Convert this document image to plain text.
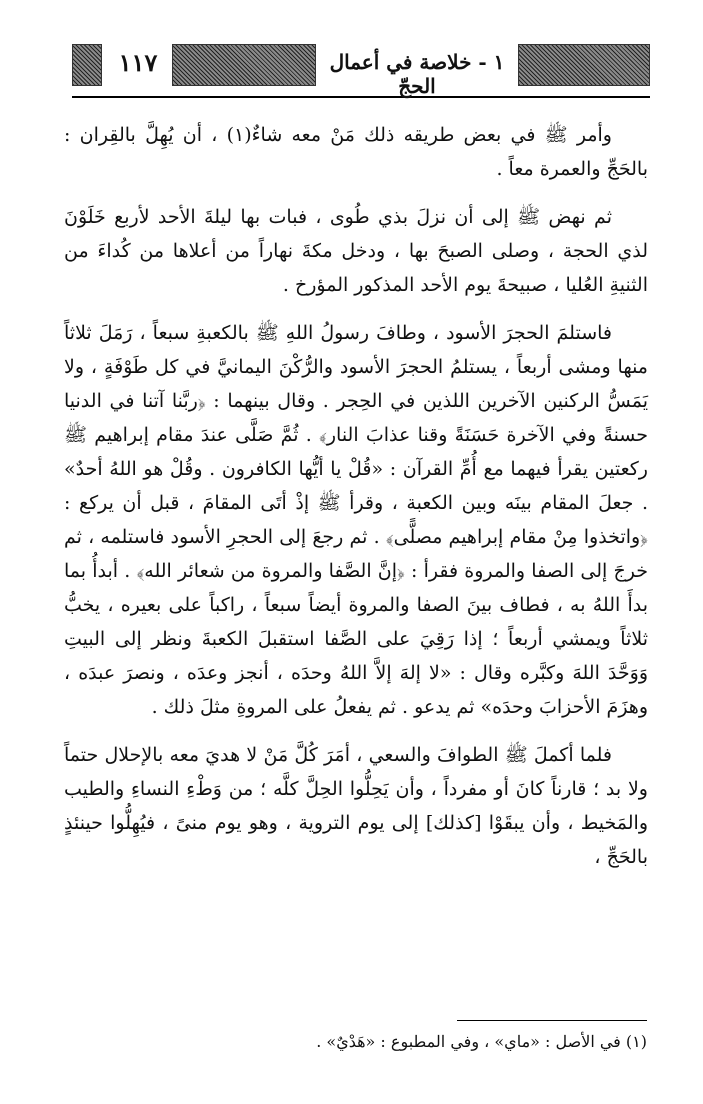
١١٧	١ - خلاصة في أعمال الحجّ

وأمر ﷺ في بعض طريقه ذلك مَنْ معه شاءٌ(١) ، أن يُهِلَّ بالقِران : بالحَجِّ والعمرة معاً .

ثم نهض ﷺ إلى أن نزلَ بذي طُوى ، فبات بها ليلةَ الأحد لأربع خَلَوْنَ لذي الحجة ، وصلى الصبحَ بها ، ودخل مكةَ نهاراً من أعلاها من كُداءَ من الثنيةِ العُليا ، صبيحةَ يوم الأحد المذكور المؤرخ .

فاستلمَ الحجرَ الأسود ، وطافَ رسولُ اللهِ ﷺ بالكعبةِ سبعاً ، رَمَلَ ثلاثاً منها ومشى أربعاً ، يستلمُ الحجرَ الأسود والرُّكْنَ اليمانيَّ في كل طَوْفَةٍ ، ولا يَمَسُّ الركنين الآخرين اللذين في الحِجر . وقال بينهما : ﴿ربَّنا آتنا في الدنيا حسنةً وفي الآخرة حَسَنَةً وقنا عذابَ النار﴾ . ثُمَّ صَلَّى عندَ مقام إبراهيم ﷺ ركعتين يقرأ فيهما مع أُمِّ القرآن : «قُلْ يا أيُّها الكافرون . وقُلْ هو اللهُ أحدٌ» . جعلَ المقام بينَه وبين الكعبة ، وقرأ ﷺ إذْ أتَى المقامَ ، قبل أن يركع : ﴿واتخذوا مِنْ مقام إبراهيم مصلًّى﴾ . ثم رجعَ إلى الحجرِ الأسود فاستلمه ، ثم خرجَ إلى الصفا والمروة فقرأ : ﴿إنَّ الصَّفا والمروة من شعائر الله﴾ . أبدأُ بما بدأَ اللهُ به ، فطاف بينَ الصفا والمروة أيضاً سبعاً ، راكباً على بعيره ، يخبُّ ثلاثاً ويمشي أربعاً ؛ إذا رَقِيَ على الصَّفا استقبلَ الكعبةَ ونظر إلى البيتِ وَوَحَّدَ اللهَ وكبَّره وقال : «لا إلهَ إلاَّ اللهُ وحدَه ، أنجز وعدَه ، ونصرَ عبدَه ، وهزَمَ الأحزابَ وحدَه» ثم يدعو . ثم يفعلُ على المروةِ مثلَ ذلك .

فلما أكملَ ﷺ الطوافَ والسعي ، أمَرَ كُلَّ مَنْ لا هديَ معه بالإحلال حتماً ولا بد ؛ قارناً كانَ أو مفرداً ، وأن يَحِلُّوا الحِلَّ كلَّه ؛ من وَطْءِ النساءِ والطيب والمَخيط ، وأن يبقَوْا [كذلك] إلى يوم التروية ، وهو يوم منىً ، فيُهِلُّوا حينئذٍ بالحَجِّ ،

(١) في الأصل : «ماي» ، وفي المطبوع : «هَدْيٌ» .
